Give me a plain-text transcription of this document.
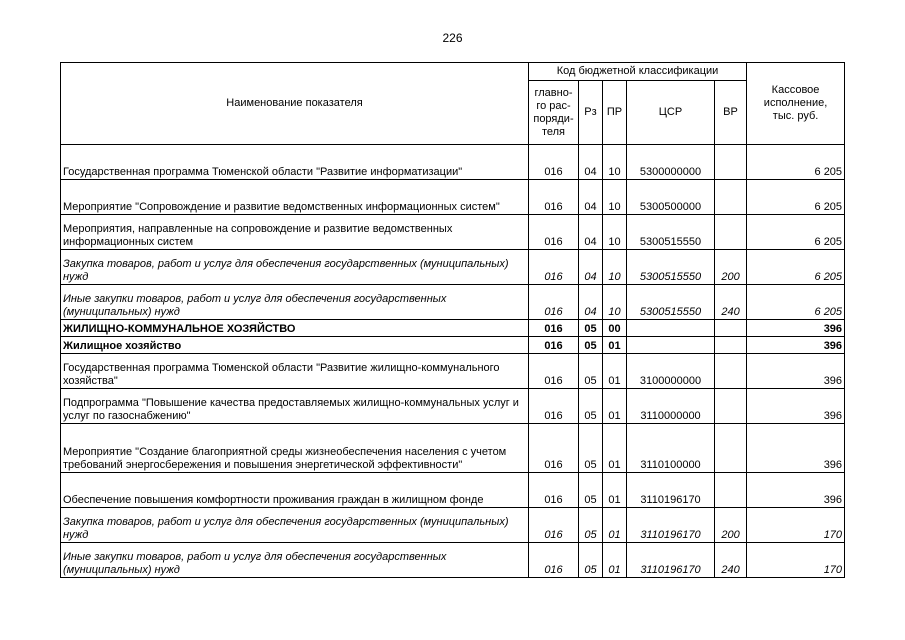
226
Наименование показателя	Код бюджетной классификации					Кассовое исполнение, тыс. руб.
	главно-го рас-поряди-теля	Рз	ПР	ЦСР	ВР	
Государственная программа Тюменской области "Развитие информатизации"	016	04	10	5300000000		6 205
Мероприятие "Сопровождение и развитие ведомственных информационных систем"	016	04	10	5300500000		6 205
Мероприятия, направленные на сопровождение и развитие ведомственных информационных систем	016	04	10	5300515550		6 205
Закупка товаров, работ и услуг для обеспечения государственных (муниципальных) нужд	016	04	10	5300515550	200	6 205
Иные закупки товаров, работ и услуг для обеспечения государственных (муниципальных) нужд	016	04	10	5300515550	240	6 205
ЖИЛИЩНО-КОММУНАЛЬНОЕ ХОЗЯЙСТВО	016	05	00			396
Жилищное хозяйство	016	05	01			396
Государственная программа Тюменской области "Развитие жилищно-коммунального хозяйства"	016	05	01	3100000000		396
Подпрограмма "Повышение качества предоставляемых жилищно-коммунальных услуг и услуг по газоснабжению"	016	05	01	3110000000		396
Мероприятие "Создание благоприятной среды жизнеобеспечения населения с учетом требований энергосбережения и повышения энергетической эффективности"	016	05	01	3110100000		396
Обеспечение повышения комфортности проживания граждан в жилищном фонде	016	05	01	3110196170		396
Закупка товаров, работ и услуг для обеспечения государственных (муниципальных) нужд	016	05	01	3110196170	200	170
Иные закупки товаров, работ и услуг для обеспечения государственных (муниципальных) нужд	016	05	01	3110196170	240	170
